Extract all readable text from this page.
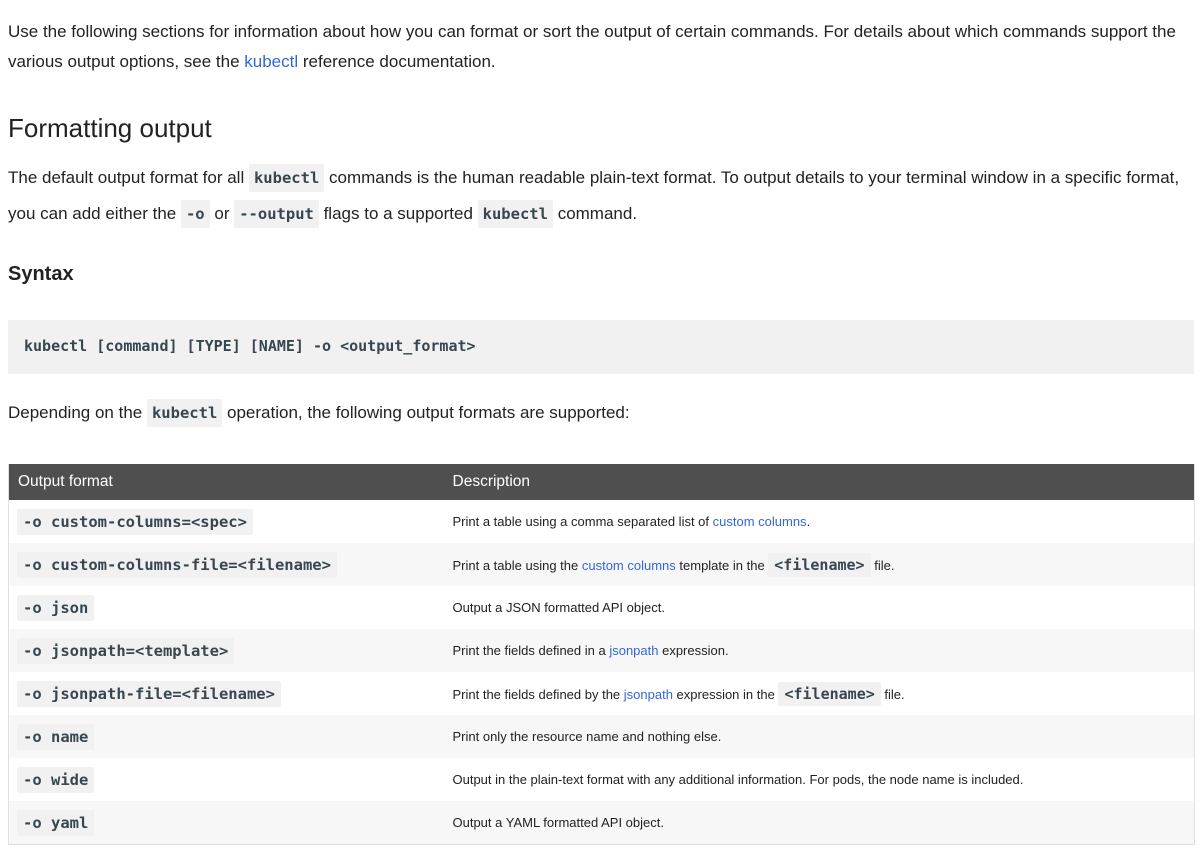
Use the following sections for information about how you can format or sort the output of certain commands. For details about which commands support the various output options, see the kubectl reference documentation.

Formatting output

The default output format for all kubectl commands is the human readable plain-text format. To output details to your terminal window in a specific format, you can add either the -o or --output flags to a supported kubectl command.

Syntax
kubectl [command] [TYPE] [NAME] -o <output_format>

Depending on the kubectl operation, the following output formats are supported:

Output format	Description
-o custom-columns=<spec>	Print a table using a comma separated list of custom columns.
-o custom-columns-file=<filename>	Print a table using the custom columns template in the <filename> file.
-o json	Output a JSON formatted API object.
-o jsonpath=<template>	Print the fields defined in a jsonpath expression.
-o jsonpath-file=<filename>	Print the fields defined by the jsonpath expression in the <filename> file.
-o name	Print only the resource name and nothing else.
-o wide	Output in the plain-text format with any additional information. For pods, the node name is included.
-o yaml	Output a YAML formatted API object.
